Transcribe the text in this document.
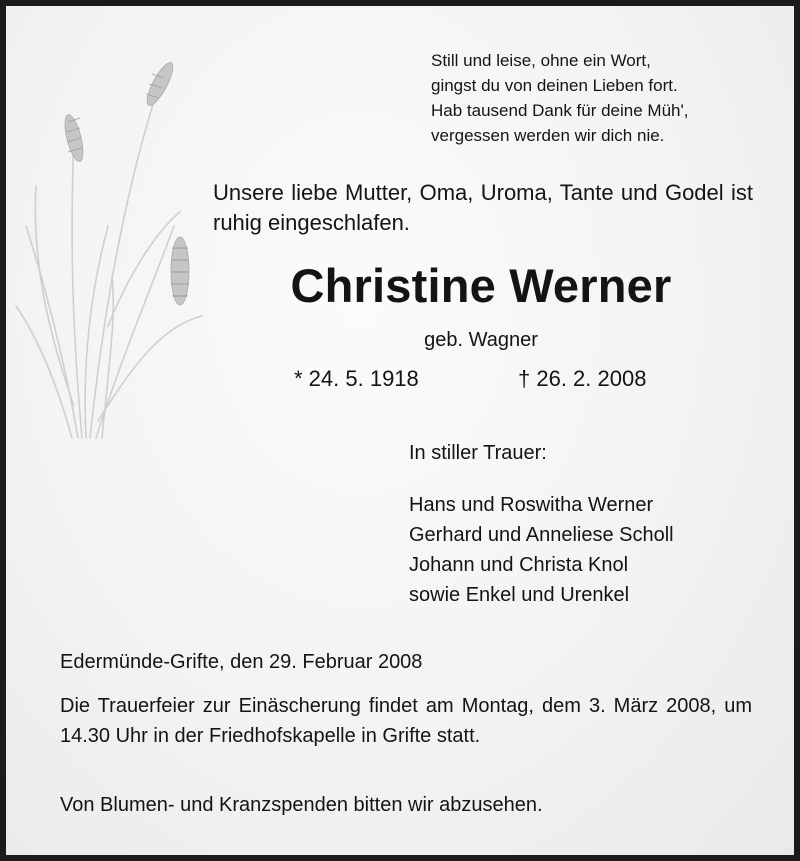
Still und leise, ohne ein Wort,
gingst du von deinen Lieben fort.
Hab tausend Dank für deine Müh',
vergessen werden wir dich nie.

Unsere liebe Mutter, Oma, Uroma, Tante und Godel ist ruhig eingeschlafen.

Christine Werner
geb. Wagner
* 24. 5. 1918	† 26. 2. 2008
In stiller Trauer:
Hans und Roswitha Werner
Gerhard und Anneliese Scholl
Johann und Christa Knol
sowie Enkel und Urenkel
Edermünde-Grifte, den 29. Februar 2008

Die Trauerfeier zur Einäscherung findet am Montag, dem 3. März 2008, um 14.30 Uhr in der Friedhofskapelle in Grifte statt.

Von Blumen- und Kranzspenden bitten wir abzusehen.
